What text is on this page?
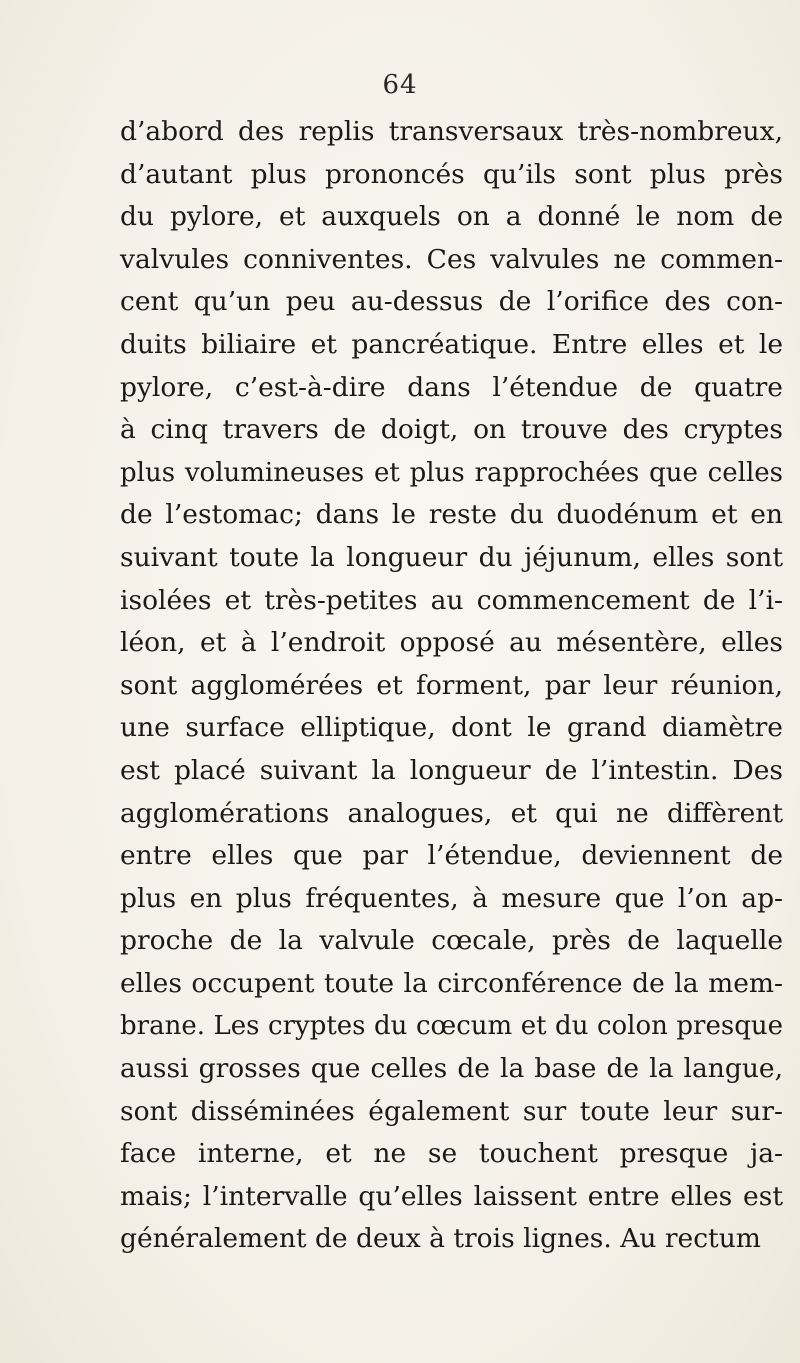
64
d’abord des replis transversaux très-nombreux,
d’autant plus prononcés qu’ils sont plus près
du pylore, et auxquels on a donné le nom de
valvules conniventes. Ces valvules ne commen-
cent qu’un peu au-dessus de l’orifice des con-
duits biliaire et pancréatique. Entre elles et le
pylore, c’est-à-dire dans l’étendue de quatre
à cinq travers de doigt, on trouve des cryptes
plus volumineuses et plus rapprochées que celles
de l’estomac; dans le reste du duodénum et en
suivant toute la longueur du jéjunum, elles sont
isolées et très-petites au commencement de l’i-
léon, et à l’endroit opposé au mésentère, elles
sont agglomérées et forment, par leur réunion,
une surface elliptique, dont le grand diamètre
est placé suivant la longueur de l’intestin. Des
agglomérations analogues, et qui ne diffèrent
entre elles que par l’étendue, deviennent de
plus en plus fréquentes, à mesure que l’on ap-
proche de la valvule cœcale, près de laquelle
elles occupent toute la circonférence de la mem-
brane. Les cryptes du cœcum et du colon presque
aussi grosses que celles de la base de la langue,
sont disséminées également sur toute leur sur-
face interne, et ne se touchent presque ja-
mais; l’intervalle qu’elles laissent entre elles est
généralement de deux à trois lignes. Au rectum
